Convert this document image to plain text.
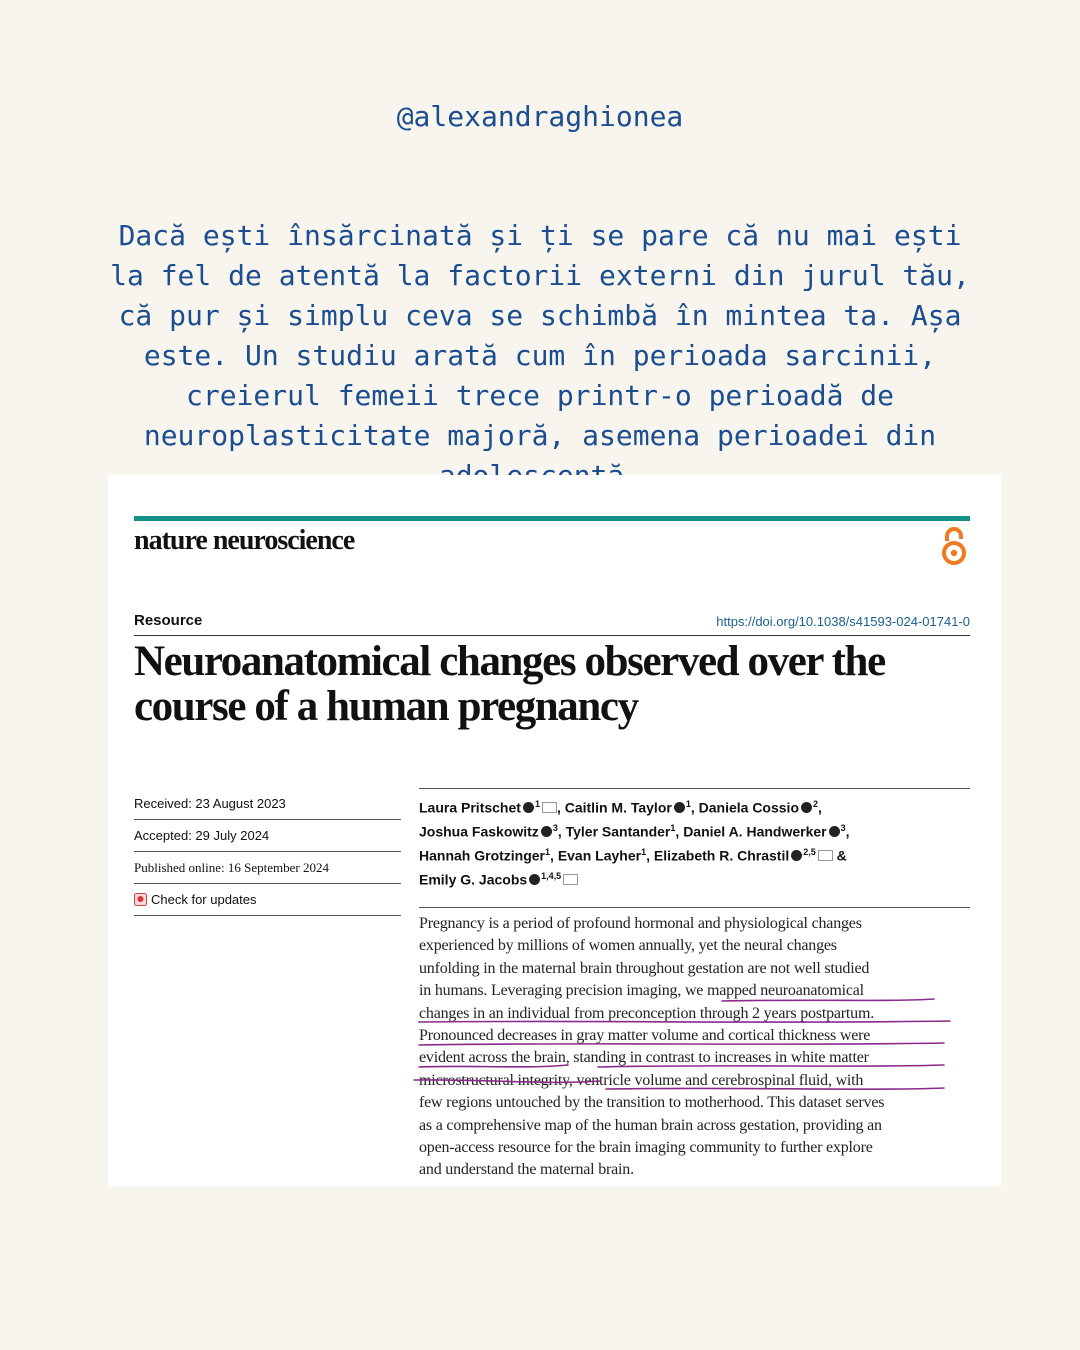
@alexandraghionea
Dacă ești însărcinată și ți se pare că nu mai ești la fel de atentă la factorii externi din jurul tău, că pur și simplu ceva se schimbă în mintea ta. Așa este. Un studiu arată cum în perioada sarcinii, creierul femeii trece printr-o perioadă de neuroplasticitate majoră, asemena perioadei din
nature neuroscience
Resource	https://doi.org/10.1038/s41593-024-01741-0
Neuroanatomical changes observed over the course of a human pregnancy
Received: 23 August 2023
Accepted: 29 July 2024
Published online: 16 September 2024
Check for updates
Laura Pritschet $^1$ , Caitlin M. Taylor $^1$, Daniela Cossio $^2$,
Joshua Faskowitz $^3$, Tyler Santander$^1$, Daniel A. Handwerker $^3$,
Hannah Grotzinger$^1$, Evan Layher$^1$, Elizabeth R. Chrastil $^{2,5}$ &
Emily G. Jacobs $^{1,4,5}$
Pregnancy is a period of profound hormonal and physiological changes
experienced by millions of women annually, yet the neural changes
unfolding in the maternal brain throughout gestation are not well studied
in humans. Leveraging precision imaging, we mapped neuroanatomical
changes in an individual from preconception through 2 years postpartum.
Pronounced decreases in gray matter volume and cortical thickness were
evident across the brain, standing in contrast to increases in white matter
microstructural integrity, ventricle volume and cerebrospinal fluid, with
few regions untouched by the transition to motherhood. This dataset serves
as a comprehensive map of the human brain across gestation, providing an
open-access resource for the brain imaging community to further explore
and understand the maternal brain.
